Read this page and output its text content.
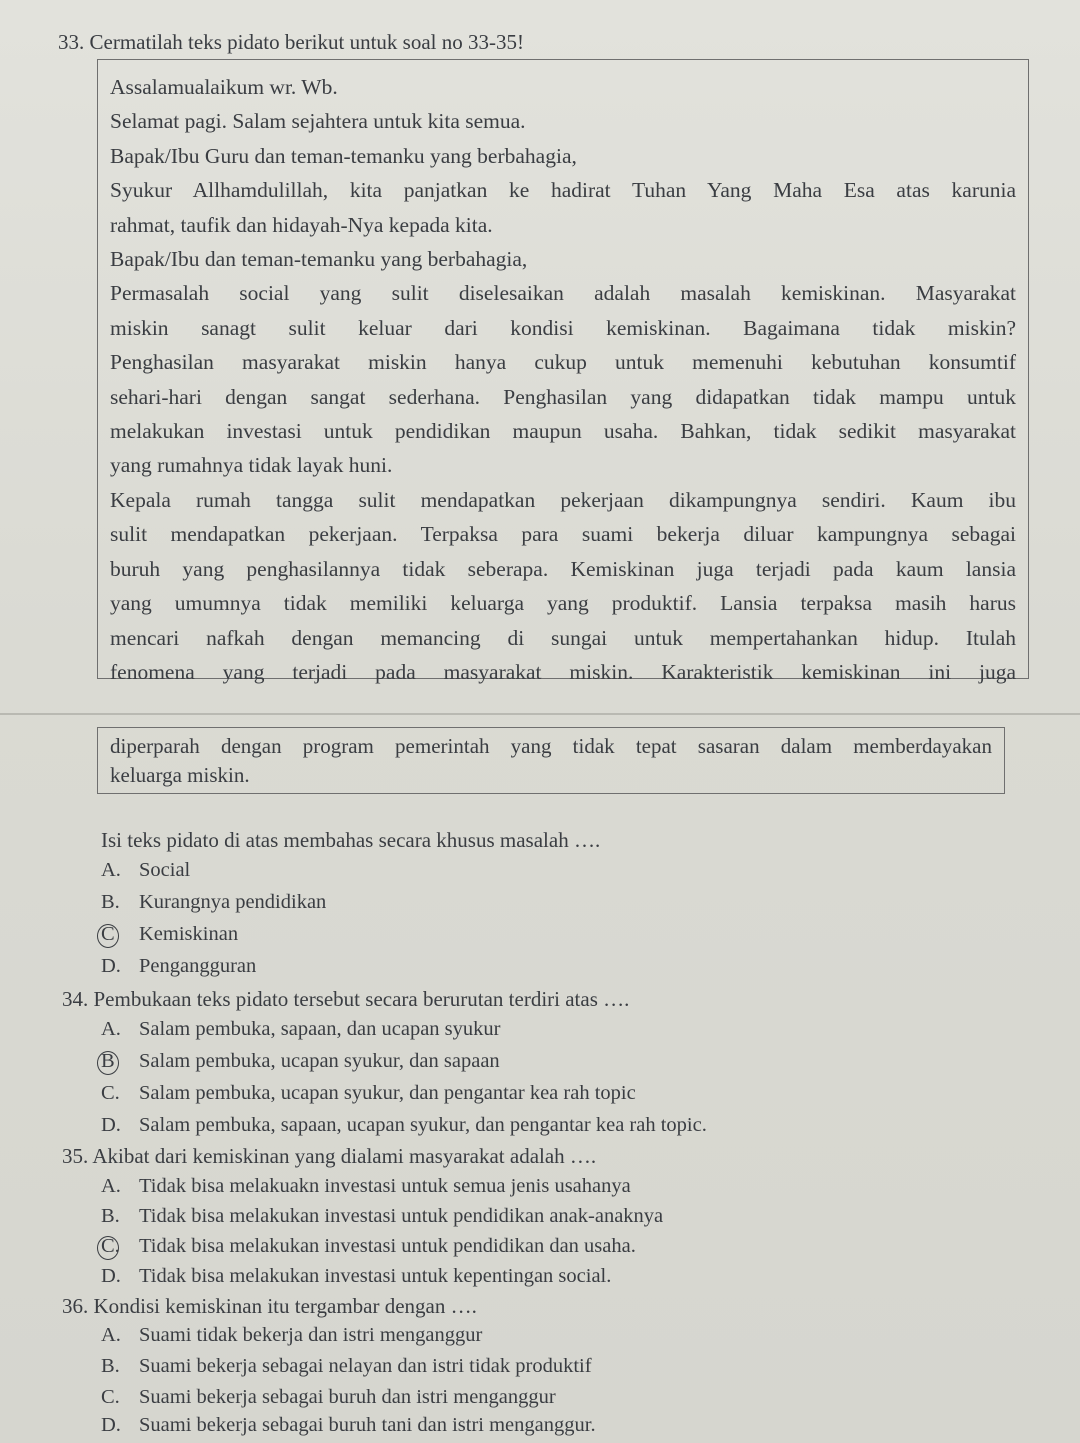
33. Cermatilah teks pidato berikut untuk soal no 33-35!

Assalamualaikum wr. Wb.

Selamat pagi. Salam sejahtera untuk kita semua.

Bapak/Ibu Guru dan teman-temanku yang berbahagia,

Syukur Allhamdulillah, kita panjatkan ke hadirat Tuhan Yang Maha Esa atas karunia

rahmat, taufik dan hidayah-Nya kepada kita.

Bapak/Ibu dan teman-temanku yang berbahagia,

Permasalah social yang sulit diselesaikan adalah masalah kemiskinan. Masyarakat

miskin sanagt sulit keluar dari kondisi kemiskinan. Bagaimana tidak miskin?

Penghasilan masyarakat miskin hanya cukup untuk memenuhi kebutuhan konsumtif

sehari-hari dengan sangat sederhana. Penghasilan yang didapatkan tidak mampu untuk

melakukan investasi untuk pendidikan maupun usaha. Bahkan, tidak sedikit masyarakat

yang rumahnya tidak layak huni.

Kepala rumah tangga sulit mendapatkan pekerjaan dikampungnya sendiri. Kaum ibu

sulit mendapatkan pekerjaan. Terpaksa para suami bekerja diluar kampungnya sebagai

buruh yang penghasilannya tidak seberapa. Kemiskinan juga terjadi pada kaum lansia

yang umumnya tidak memiliki keluarga yang produktif. Lansia terpaksa masih harus

mencari nafkah dengan memancing di sungai untuk mempertahankan hidup. Itulah

fenomena yang terjadi pada masyarakat miskin. Karakteristik kemiskinan ini juga

diperparah dengan program pemerintah yang tidak tepat sasaran dalam memberdayakan

keluarga miskin.

Isi teks pidato di atas membahas secara khusus masalah ….
A. Social
B. Kurangnya pendidikan
C Kemiskinan
D. Pengangguran
34. Pembukaan teks pidato tersebut secara berurutan terdiri atas ….
A. Salam pembuka, sapaan, dan ucapan syukur
B Salam pembuka, ucapan syukur, dan sapaan
C. Salam pembuka, ucapan syukur, dan pengantar kea rah topic
D. Salam pembuka, sapaan, ucapan syukur, dan pengantar kea rah topic.
35. Akibat dari kemiskinan yang dialami masyarakat adalah ….
A. Tidak bisa melakuakn investasi untuk semua jenis usahanya
B. Tidak bisa melakukan investasi untuk pendidikan anak-anaknya
C. Tidak bisa melakukan investasi untuk pendidikan dan usaha.
D. Tidak bisa melakukan investasi untuk kepentingan social.
36. Kondisi kemiskinan itu tergambar dengan ….
A. Suami tidak bekerja dan istri menganggur
B. Suami bekerja sebagai nelayan dan istri tidak produktif
C. Suami bekerja sebagai buruh dan istri menganggur
D. Suami bekerja sebagai buruh tani dan istri menganggur.
